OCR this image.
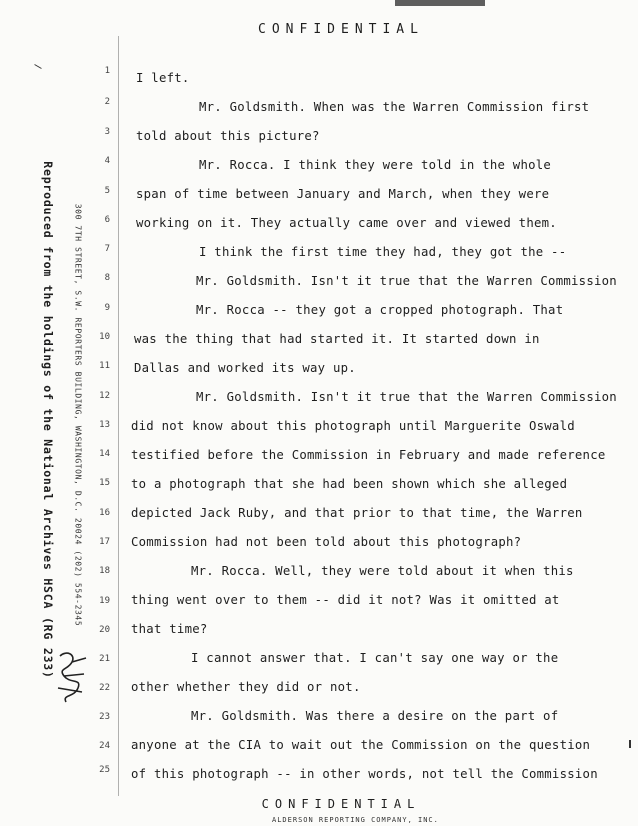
CONFIDENTIAL
Reproduced from the holdings of the National Archives HSCA (RG 233) 300 7TH STREET, S.W. REPORTERS BUILDING, WASHINGTON, D.C. 20024 (202) 554-2345
1
2
3
4
5
6
7
8
9
10
11
12
13
14
15
16
17
18
19
20
21
22
23
24
25
I left.
Mr. Goldsmith. When was the Warren Commission first
told about this picture?
Mr. Rocca. I think they were told in the whole
span of time between January and March, when they were
working on it. They actually came over and viewed them.
I think the first time they had, they got the --
Mr. Goldsmith. Isn't it true that the Warren Commission
Mr. Rocca -- they got a cropped photograph. That
was the thing that had started it. It started down in
Dallas and worked its way up.
Mr. Goldsmith. Isn't it true that the Warren Commission
did not know about this photograph until Marguerite Oswald
testified before the Commission in February and made reference
to a photograph that she had been shown which she alleged
depicted Jack Ruby, and that prior to that time, the Warren
Commission had not been told about this photograph?
Mr. Rocca. Well, they were told about it when this
thing went over to them -- did it not? Was it omitted at
that time?
I cannot answer that. I can't say one way or the
other whether they did or not.
Mr. Goldsmith. Was there a desire on the part of
anyone at the CIA to wait out the Commission on the question
of this photograph -- in other words, not tell the Commission
CONFIDENTIAL
ALDERSON REPORTING COMPANY, INC.
